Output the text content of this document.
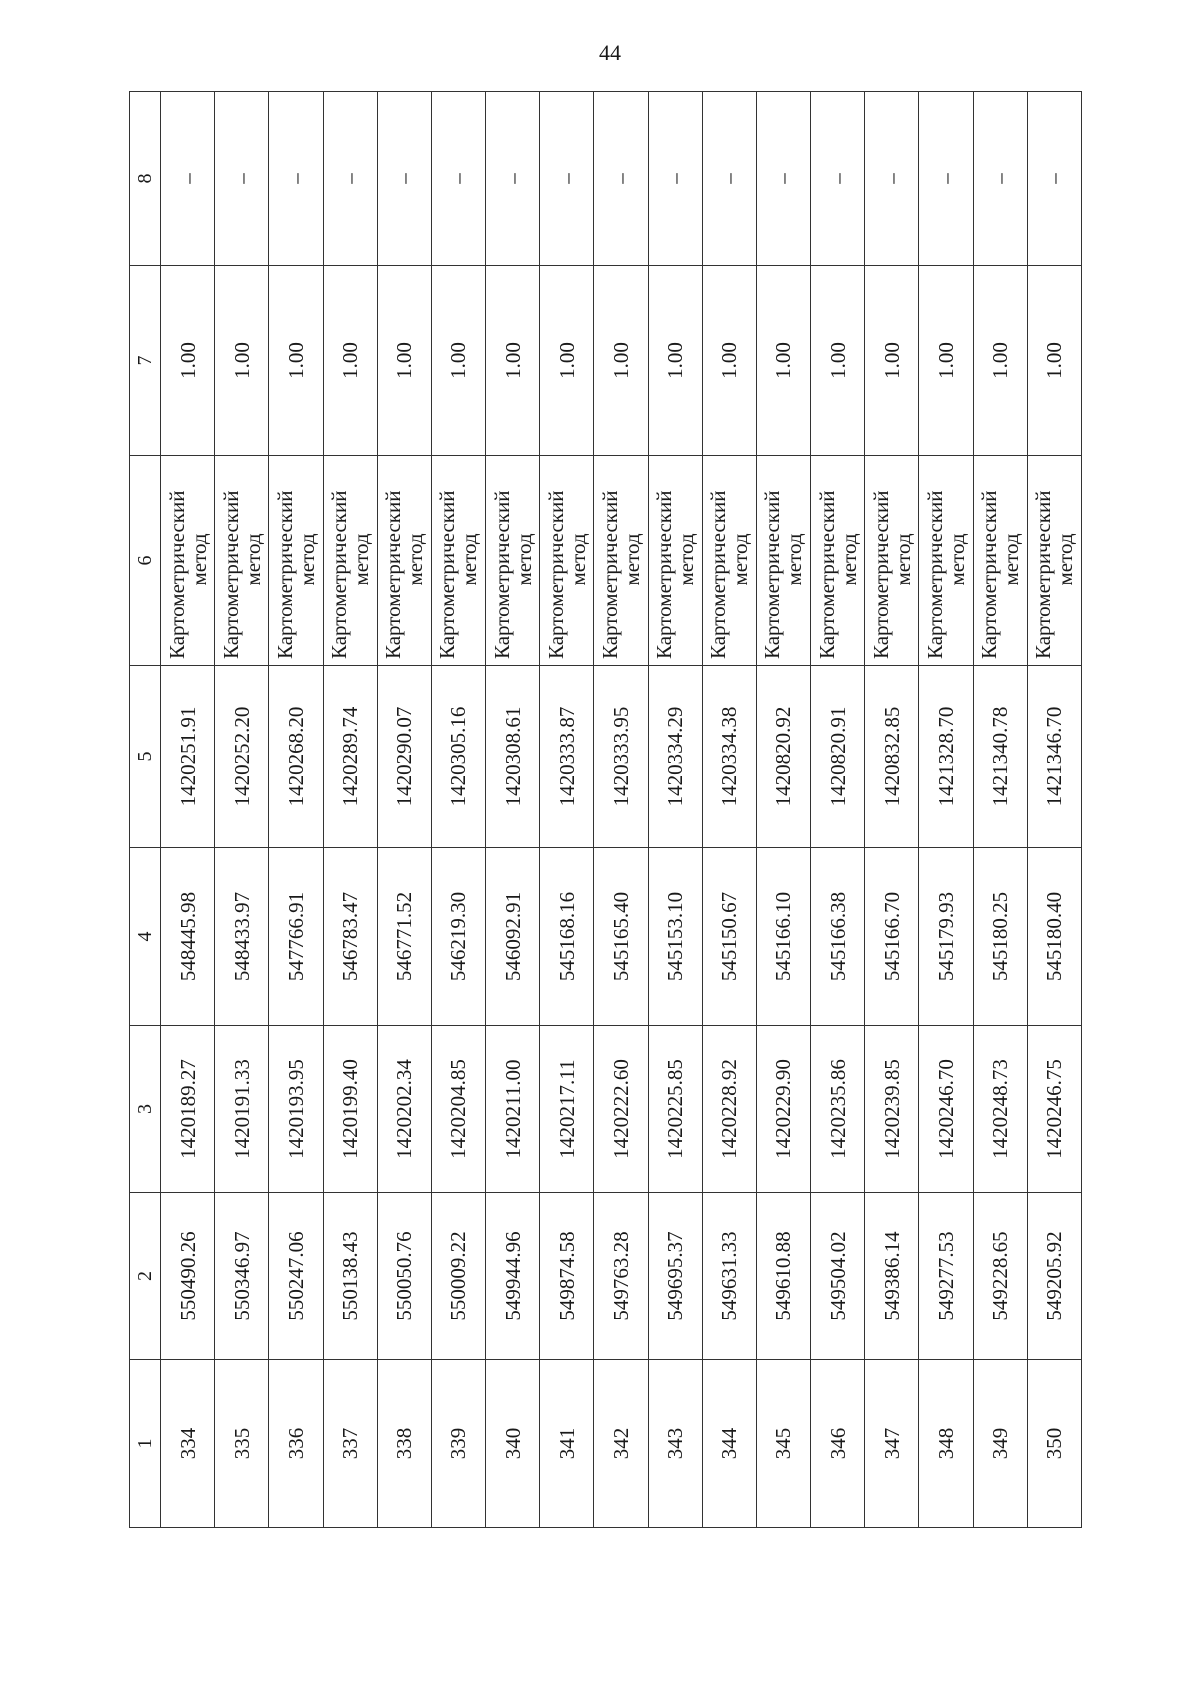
44
1	2	3	4	5	6	7	8
334	550490.26	1420189.27	548445.98	1420251.91	Картометрический
метод	1.00	–
335	550346.97	1420191.33	548433.97	1420252.20	Картометрический
метод	1.00	–
336	550247.06	1420193.95	547766.91	1420268.20	Картометрический
метод	1.00	–
337	550138.43	1420199.40	546783.47	1420289.74	Картометрический
метод	1.00	–
338	550050.76	1420202.34	546771.52	1420290.07	Картометрический
метод	1.00	–
339	550009.22	1420204.85	546219.30	1420305.16	Картометрический
метод	1.00	–
340	549944.96	1420211.00	546092.91	1420308.61	Картометрический
метод	1.00	–
341	549874.58	1420217.11	545168.16	1420333.87	Картометрический
метод	1.00	–
342	549763.28	1420222.60	545165.40	1420333.95	Картометрический
метод	1.00	–
343	549695.37	1420225.85	545153.10	1420334.29	Картометрический
метод	1.00	–
344	549631.33	1420228.92	545150.67	1420334.38	Картометрический
метод	1.00	–
345	549610.88	1420229.90	545166.10	1420820.92	Картометрический
метод	1.00	–
346	549504.02	1420235.86	545166.38	1420820.91	Картометрический
метод	1.00	–
347	549386.14	1420239.85	545166.70	1420832.85	Картометрический
метод	1.00	–
348	549277.53	1420246.70	545179.93	1421328.70	Картометрический
метод	1.00	–
349	549228.65	1420248.73	545180.25	1421340.78	Картометрический
метод	1.00	–
350	549205.92	1420246.75	545180.40	1421346.70	Картометрический
метод	1.00	–
